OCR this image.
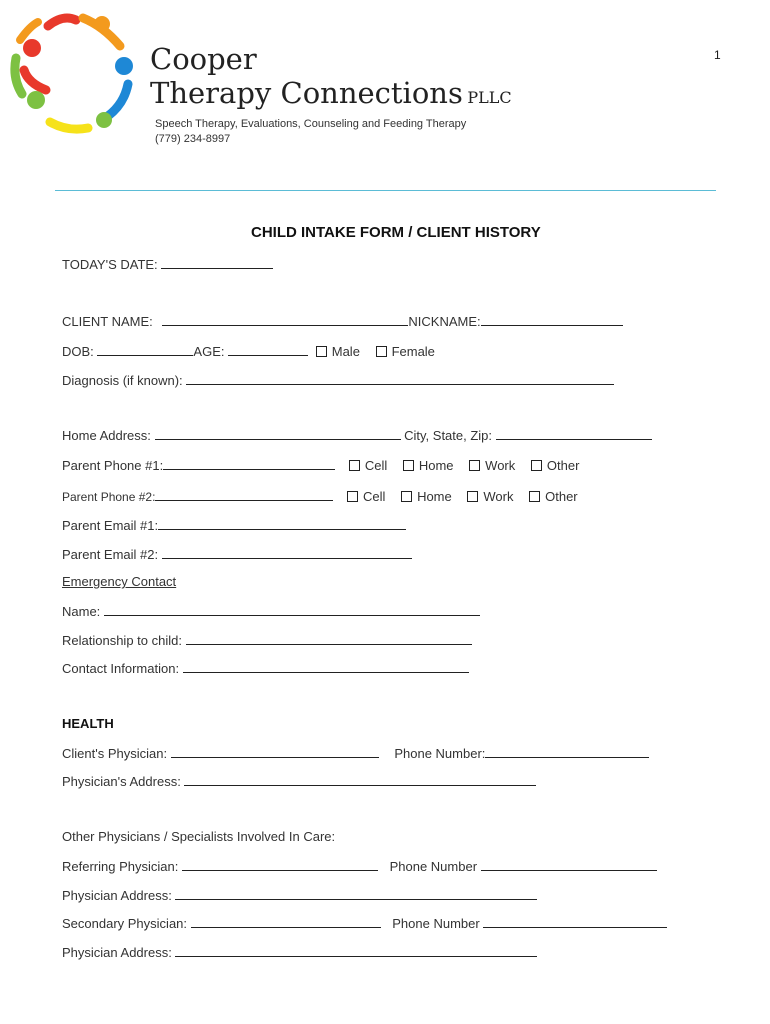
1
Cooper
Therapy Connections PLLC
Speech Therapy, Evaluations, Counseling and Feeding Therapy
(779) 234-8997
CHILD INTAKE FORM / CLIENT HISTORY
TODAY'S DATE:
CLIENT NAME:	NICKNAME:
DOB:	AGE:	Male Female
Diagnosis (if known):
Home Address:	City, State, Zip:
Parent Phone #1:	Cell Home Work Other
Parent Phone #2:	Cell Home Work Other
Parent Email #1:
Parent Email #2:
Emergency Contact
Name:
Relationship to child:
Contact Information:
HEALTH
Client's Physician:	Phone Number:
Physician's Address:
Other Physicians / Specialists Involved In Care:
Referring Physician:	Phone Number
Physician Address:
Secondary Physician:	Phone Number
Physician Address:
